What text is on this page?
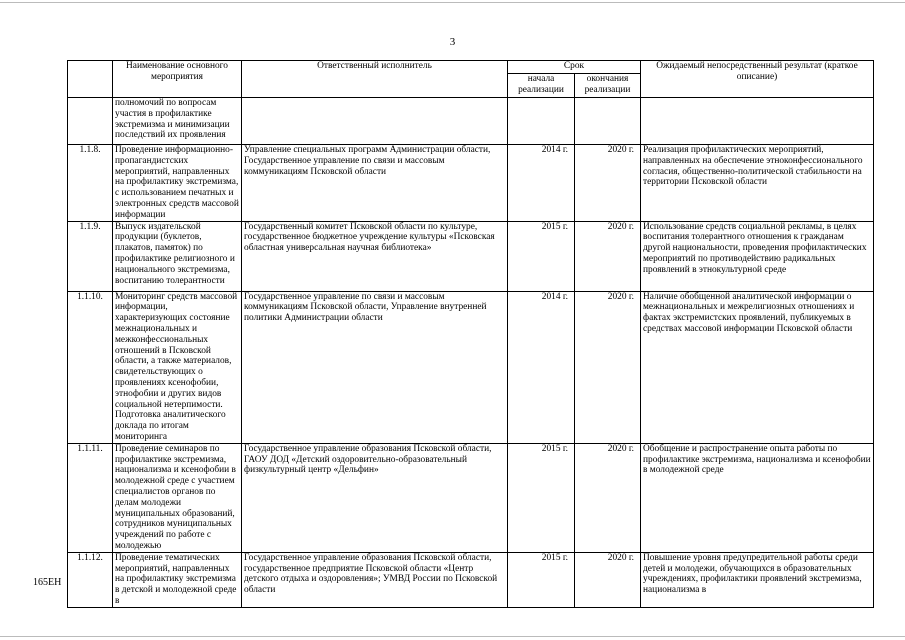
3
	Наименование основного мероприятия	Ответственный исполнитель	Срок		Ожидаемый непосредственный результат (краткое описание)
			начала реализации	окончания реализации	
	полномочий по вопросам участия в профилактике экстремизма и минимизации последствий их проявления				
1.1.8.	Проведение информационно-пропагандистских мероприятий, направленных на профилактику экстремизма, с использованием печатных и электронных средств массовой информации	Управление специальных программ Администрации области, Государственное управление по связи и массовым коммуникациям Псковской области	2014 г.	2020 г.	Реализация профилактических мероприятий, направленных на обеспечение этноконфессионального согласия, общественно-политической стабильности на территории Псковской области
1.1.9.	Выпуск издательской продукции (буклетов, плакатов, памяток) по профилактике религиозного и национального экстремизма, воспитанию толерантности	Государственный комитет Псковской области по культуре, государственное бюджетное учреждение культуры «Псковская областная универсальная научная библиотека»	2015 г.	2020 г.	Использование средств социальной рекламы, в целях воспитания толерантного отношения к гражданам другой национальности, проведения профилактических мероприятий по противодействию радикальных проявлений в этнокультурной среде
1.1.10.	Мониторинг средств массовой информации, характеризующих состояние межнациональных и межконфессиональных отношений в Псковской области, а также материалов, свидетельствующих о проявлениях ксенофобии, этнофобии и других видов социальной нетерпимости. Подготовка аналитического доклада по итогам мониторинга	Государственное управление по связи и массовым коммуникациям Псковской области, Управление внутренней политики Администрации области	2014 г.	2020 г.	Наличие обобщенной аналитической информации о межнациональных и межрелигиозных отношениях и фактах экстремистских проявлений, публикуемых в средствах массовой информации Псковской области
1.1.11.	Проведение семинаров по профилактике экстремизма, национализма и ксенофобии в молодежной среде с участием специалистов органов по делам молодежи муниципальных образований, сотрудников муниципальных учреждений по работе с молодежью	Государственное управление образования Псковской области, ГАОУ ДОД «Детский оздоровительно-образовательный физкультурный центр «Дельфин»	2015 г.	2020 г.	Обобщение и распространение опыта работы по профилактике экстремизма, национализма и ксенофобии в молодежной среде
1.1.12.	Проведение тематических мероприятий, направленных на профилактику экстремизма в детской и молодежной среде в	Государственное управление образования Псковской области, государственное предприятие Псковской области «Центр детского отдыха и оздоровления»; УМВД России по Псковской области	2015 г.	2020 г.	Повышение уровня предупредительной работы среди детей и молодежи, обучающихся в образовательных учреждениях, профилактики проявлений экстремизма, национализма в
165ЕН
